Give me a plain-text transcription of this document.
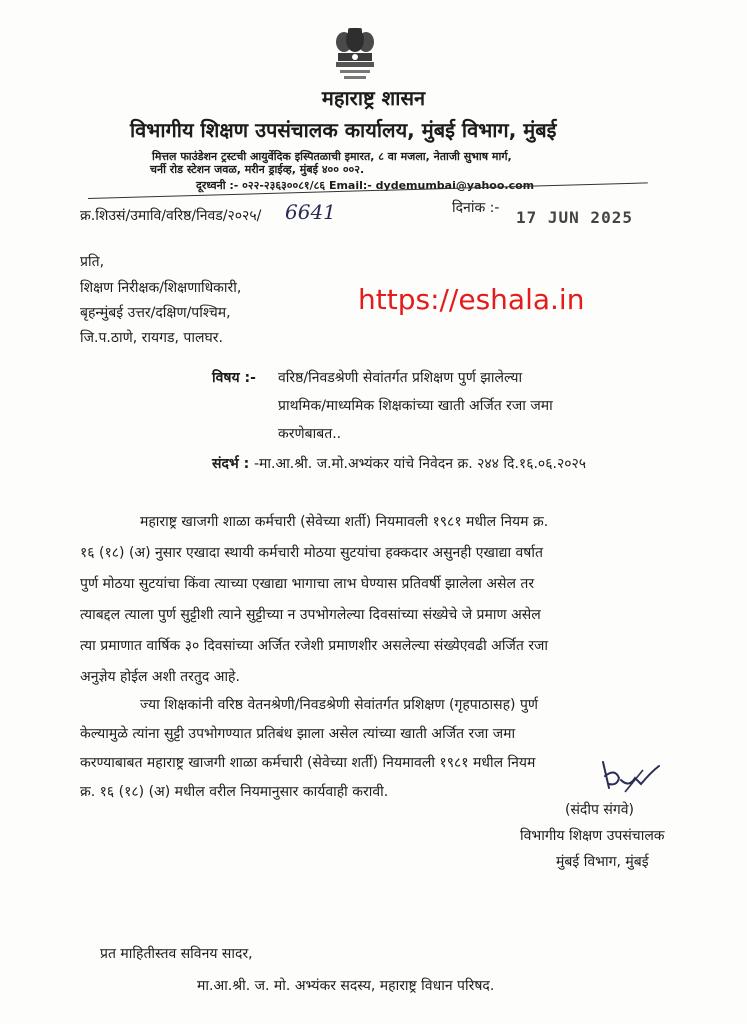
महाराष्ट्र शासन
विभागीय शिक्षण उपसंचालक कार्यालय, मुंबई विभाग, मुंबई
मित्तल फाउंडेशन ट्रस्टची आयुर्वेदिक इस्पितळाची इमारत, ८ वा मजला, नेताजी सुभाष मार्ग,
चर्नी रोड स्टेशन जवळ, मरीन ड्राईव्ह, मुंबई ४०० ००२.
दूरध्वनी :- ०२२-२३६३००८१/८६ Email:- dydemumbai@yahoo.com
क्र.शिउसं/उमावि/वरिष्ठ/निवड/२०२५/ 6641	दिनांक :- 17 JUN 2025
प्रति,
शिक्षण निरीक्षक/शिक्षणाधिकारी,
बृहन्मुंबई उत्तर/दक्षिण/पश्चिम,
जि.प.ठाणे, रायगड, पालघर.
https://eshala.in
विषय :- वरिष्ठ/निवडश्रेणी सेवांतर्गत प्रशिक्षण पुर्ण झालेल्या
प्राथमिक/माध्यमिक शिक्षकांच्या खाती अर्जित रजा जमा
करणेबाबत..
संदर्भ : -मा.आ.श्री. ज.मो.अभ्यंकर यांचे निवेदन क्र. २४४ दि.१६.०६.२०२५
महाराष्ट्र खाजगी शाळा कर्मचारी (सेवेच्या शर्ती) नियमावली १९८१ मधील नियम क्र.
१६ (१८) (अ) नुसार एखादा स्थायी कर्मचारी मोठया सुटयांचा हक्कदार असुनही एखाद्या वर्षात
पुर्ण मोठया सुटयांचा किंवा त्याच्या एखाद्या भागाचा लाभ घेण्यास प्रतिवर्षी झालेला असेल तर
त्याबद्दल त्याला पुर्ण सुट्टीशी त्याने सुट्टीच्या न उपभोगलेल्या दिवसांच्या संख्येचे जे प्रमाण असेल
त्या प्रमाणात वार्षिक ३० दिवसांच्या अर्जित रजेशी प्रमाणशीर असलेल्या संख्येएवढी अर्जित रजा
अनुज्ञेय होईल अशी तरतुद आहे.
ज्या शिक्षकांनी वरिष्ठ वेतनश्रेणी/निवडश्रेणी सेवांतर्गत प्रशिक्षण (गृहपाठासह) पुर्ण
केल्यामुळे त्यांना सुट्टी उपभोगण्यात प्रतिबंध झाला असेल त्यांच्या खाती अर्जित रजा जमा
करण्याबाबत महाराष्ट्र खाजगी शाळा कर्मचारी (सेवेच्या शर्ती) नियमावली १९८१ मधील नियम
क्र. १६ (१८) (अ) मधील वरील नियमानुसार कार्यवाही करावी.
(संदीप संगवे)
विभागीय शिक्षण उपसंचालक
मुंबई विभाग, मुंबई
प्रत माहितीस्तव सविनय सादर,
मा.आ.श्री. ज. मो. अभ्यंकर सदस्य, महाराष्ट्र विधान परिषद.
